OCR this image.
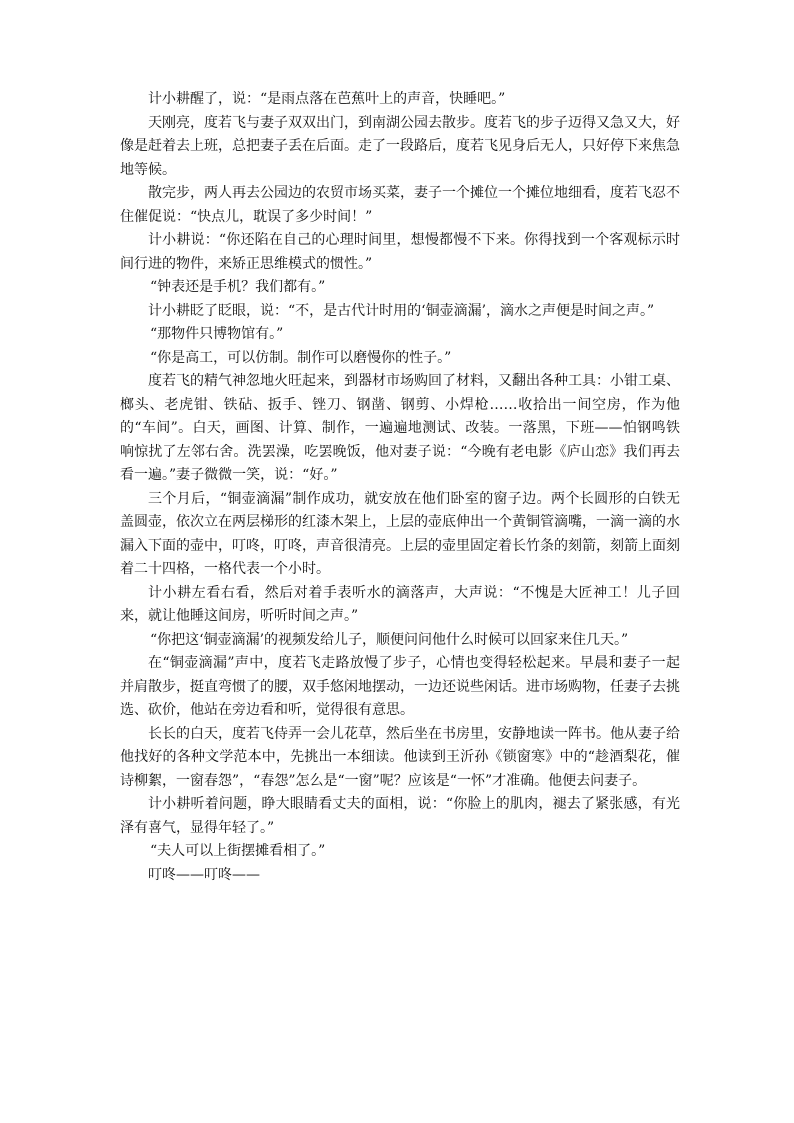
计小耕醒了，说：“是雨点落在芭蕉叶上的声音，快睡吧。”

天刚亮，度若飞与妻子双双出门，到南湖公园去散步。度若飞的步子迈得又急又大，好像是赶着去上班，总把妻子丢在后面。走了一段路后，度若飞见身后无人，只好停下来焦急地等候。

散完步，两人再去公园边的农贸市场买菜，妻子一个摊位一个摊位地细看，度若飞忍不住催促说：“快点儿，耽误了多少时间！”

计小耕说：“你还陷在自己的心理时间里，想慢都慢不下来。你得找到一个客观标示时间行进的物件，来矫正思维模式的惯性。”

“钟表还是手机？我们都有。”

计小耕眨了眨眼，说：“不，是古代计时用的‘铜壶滴漏’，滴水之声便是时间之声。”

“那物件只博物馆有。”

“你是高工，可以仿制。制作可以磨慢你的性子。”

度若飞的精气神忽地火旺起来，到器材市场购回了材料，又翻出各种工具：小钳工桌、榔头、老虎钳、铁砧、扳手、锉刀、钢凿、钢剪、小焊枪……收拾出一间空房，作为他的“车间”。白天，画图、计算、制作，一遍遍地测试、改装。一落黑，下班——怕钢鸣铁响惊扰了左邻右舍。洗罢澡，吃罢晚饭，他对妻子说：“今晚有老电影《庐山恋》我们再去看一遍。”妻子微微一笑，说：“好。”

三个月后，“铜壶滴漏”制作成功，就安放在他们卧室的窗子边。两个长圆形的白铁无盖圆壶，依次立在两层梯形的红漆木架上，上层的壶底伸出一个黄铜管滴嘴，一滴一滴的水漏入下面的壶中，叮咚，叮咚，声音很清亮。上层的壶里固定着长竹条的刻箭，刻箭上面刻着二十四格，一格代表一个小时。

计小耕左看右看，然后对着手表听水的滴落声，大声说：“不愧是大匠神工！儿子回来，就让他睡这间房，听听时间之声。”

“你把这‘铜壶滴漏’的视频发给儿子，顺便问问他什么时候可以回家来住几天。”

在“铜壶滴漏”声中，度若飞走路放慢了步子，心情也变得轻松起来。早晨和妻子一起并肩散步，挺直弯惯了的腰，双手悠闲地摆动，一边还说些闲话。进市场购物，任妻子去挑选、砍价，他站在旁边看和听，觉得很有意思。

长长的白天，度若飞侍弄一会儿花草，然后坐在书房里，安静地读一阵书。他从妻子给他找好的各种文学范本中，先挑出一本细读。他读到王沂孙《锁窗寒》中的“趁酒梨花，催诗柳絮，一窗春怨”，“春怨”怎么是“一窗”呢？应该是“一怀”才准确。他便去问妻子。

计小耕听着问题，睁大眼睛看丈夫的面相，说：“你脸上的肌肉，褪去了紧张感，有光泽有喜气，显得年轻了。”

“夫人可以上街摆摊看相了。”

叮咚——叮咚——
